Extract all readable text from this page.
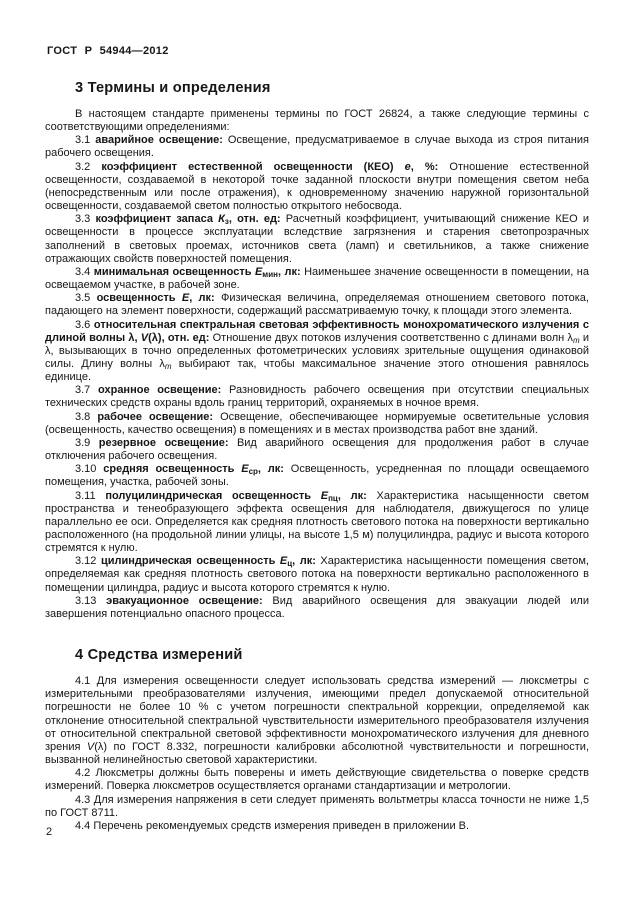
ГОСТ Р 54944—2012
3 Термины и определения

В настоящем стандарте применены термины по ГОСТ 26824, а также следующие термины с соответствующими определениями:

3.1 аварийное освещение: Освещение, предусматриваемое в случае выхода из строя питания рабочего освещения.

3.2 коэффициент естественной освещенности (КЕО) е, %: Отношение естественной освещенности, создаваемой в некоторой точке заданной плоскости внутри помещения светом неба (непосредственным или после отражения), к одновременному значению наружной горизонтальной освещенности, создаваемой светом полностью открытого небосвода.

3.3 коэффициент запаса $К_з$, отн. ед: Расчетный коэффициент, учитывающий снижение КЕО и освещенности в процессе эксплуатации вследствие загрязнения и старения светопрозрачных заполнений в световых проемах, источников света (ламп) и светильников, а также снижение отражающих свойств поверхностей помещения.

3.4 минимальная освещенность $Е_{мин}$, лк: Наименьшее значение освещенности в помещении, на освещаемом участке, в рабочей зоне.

3.5 освещенность Е, лк: Физическая величина, определяемая отношением светового потока, падающего на элемент поверхности, содержащий рассматриваемую точку, к площади этого элемента.

3.6 относительная спектральная световая эффективность монохроматического излучения с длиной волны λ, V(λ), отн. ед: Отношение двух потоков излучения соответственно с длинами волн $\lambda_m$ и λ, вызывающих в точно определенных фотометрических условиях зрительные ощущения одинаковой силы. Длину волны $\lambda_m$ выбирают так, чтобы максимальное значение этого отношения равнялось единице.

3.7 охранное освещение: Разновидность рабочего освещения при отсутствии специальных технических средств охраны вдоль границ территорий, охраняемых в ночное время.

3.8 рабочее освещение: Освещение, обеспечивающее нормируемые осветительные условия (освещенность, качество освещения) в помещениях и в местах производства работ вне зданий.

3.9 резервное освещение: Вид аварийного освещения для продолжения работ в случае отключения рабочего освещения.

3.10 средняя освещенность $Е_{ср}$, лк: Освещенность, усредненная по площади освещаемого помещения, участка, рабочей зоны.

3.11 полуцилиндрическая освещенность $Е_{пц}$, лк: Характеристика насыщенности светом пространства и тенеобразующего эффекта освещения для наблюдателя, движущегося по улице параллельно ее оси. Определяется как средняя плотность светового потока на поверхности вертикально расположенного (на продольной линии улицы, на высоте 1,5 м) полуцилиндра, радиус и высота которого стремятся к нулю.

3.12 цилиндрическая освещенность $Е_ц$, лк: Характеристика насыщенности помещения светом, определяемая как средняя плотность светового потока на поверхности вертикально расположенного в помещении цилиндра, радиус и высота которого стремятся к нулю.

3.13 эвакуационное освещение: Вид аварийного освещения для эвакуации людей или завершения потенциально опасного процесса.

4 Средства измерений

4.1 Для измерения освещенности следует использовать средства измерений — люксметры с измерительными преобразователями излучения, имеющими предел допускаемой относительной погрешности не более 10 % с учетом погрешности спектральной коррекции, определяемой как отклонение относительной спектральной чувствительности измерительного преобразователя излучения от относительной спектральной световой эффективности монохроматического излучения для дневного зрения V(λ) по ГОСТ 8.332, погрешности калибровки абсолютной чувствительности и погрешности, вызванной нелинейностью световой характеристики.

4.2 Люксметры должны быть поверены и иметь действующие свидетельства о поверке средств измерений. Поверка люксметров осуществляется органами стандартизации и метрологии.

4.3 Для измерения напряжения в сети следует применять вольтметры класса точности не ниже 1,5 по ГОСТ 8711.

4.4 Перечень рекомендуемых средств измерения приведен в приложении В.

2
